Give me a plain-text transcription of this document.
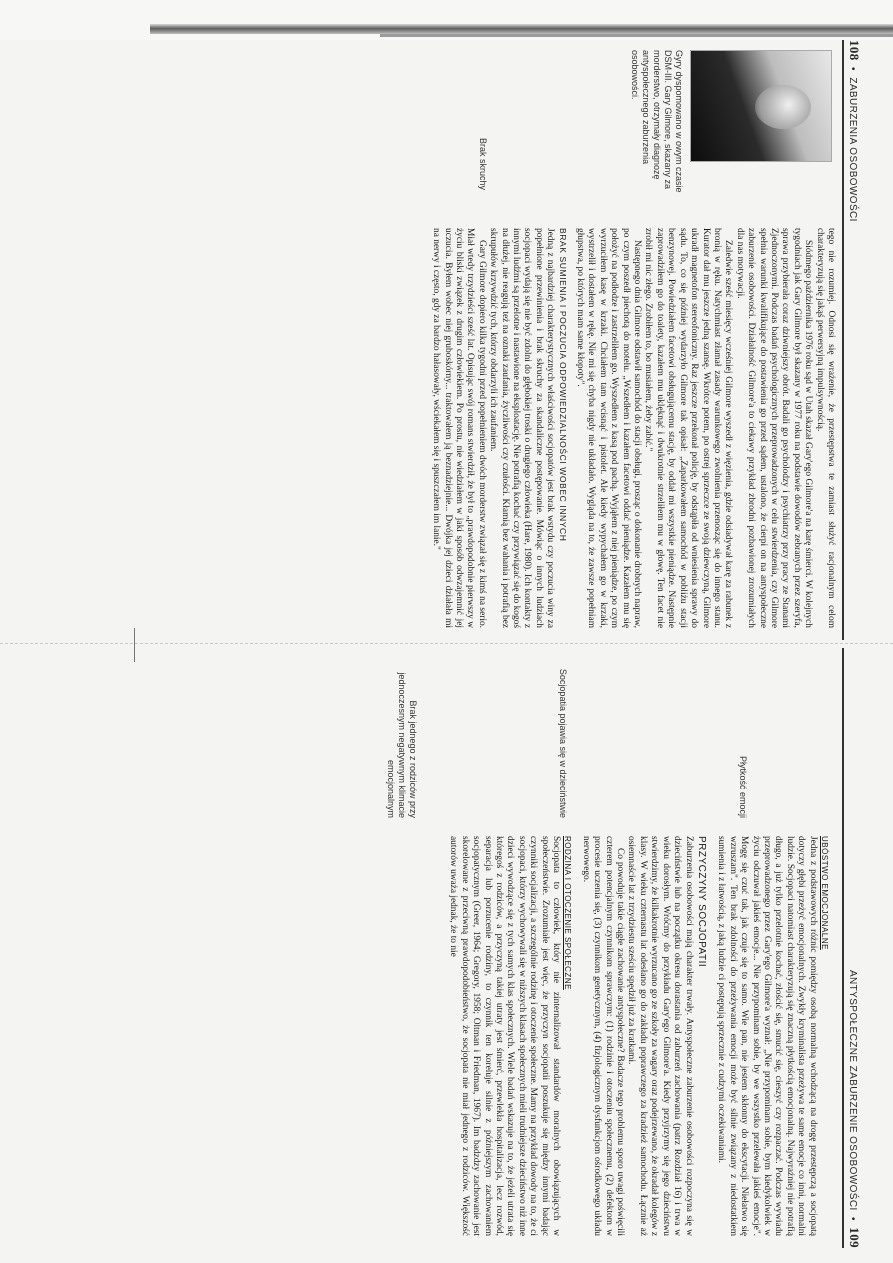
108  •  ZABURZENIA OSOBOWOŚCI
Gyry dyspomowano w owym czasie DSM-III. Gary Gilmore, skazany za morderstwo, otrzymały diagnozę antyspołecznego zaburzenia osobowości.
Brak skruchy

tego nie rozumiej. Odnosi się wrażenie, że przestępstwa te zamiast służyć racjonalnym celom charakteryzują się jakąś perwersyjną impulsywnością.

Siódmego października 1976 roku sąd w Utah skazał Gary'ego Gilmore'a na karę śmierci. W kolejnych tygodniach jak Gary Gilmore był skazany w 1977 roku na podstawie dowodów zebranych przez szeryfa, sprawa przybierała coraz dziwniejszy obrót. Badali go psycholodzy i psychiatrzy przy pracy ze Stanami Zjednoczonymi. Podczas badań psychologicznych przeprowadzonych w celu stwierdzenia, czy Gilmore spełnia warunki kwalifikujące do postawienia go przed sądem, ustalono, że cierpi on na antyspołeczne zaburzenie osobowości. Działalność Gilmore'a to ciekawy przykład zbrodni pozbawionej zrozumiałych dla nas motywacji.

Zaledwie sześć miesięcy wcześniej Gilmore wyszedł z więzienia, gdzie odsiadywał karę za rabunek z bronią w ręku. Natychmiast złamał zasady warunkowego zwolnienia przenosząc się do innego stanu. Kurator dał mu jeszcze jedną szansę. Wkrótce potem, po ostrej sprzeczce ze swoją dziewczyną, Gilmore ukradł magnetofon stereofoniczny. Raz jeszcze przekonał policję, by odstąpiła od wniesienia sprawy do sądu. To, co się później wydarzyło Gilmore tak opisał: „Zaparkowałem samochód w pobliżu stacji benzynowej. Powiedziałem facetowi obsługującemu stację, by oddał mi wszystkie pieniądze. Następnie zaprowadziłem go do toalety, kazałem mu uklęknąć i dwukrotnie strzeliłem mu w głowę. Ten facet nie zrobił mi nic złego. Zrobiłem to, bo musiałem, żeby zabić."

Następnego dnia Gilmore odstawił samochód do stacji obsługi, prosząc o dokonanie drobnych napraw, po czym poszedł piechotą do motelu. „Wszedłem i kazałem facetowi oddać pieniądze. Kazałem mu się położyć na podłodze i zastrzeliłem go. Wyszedłem z kasą pod pachą. Wyjąłem z niej pieniądze, po czym wyrzuciłem kasę w krzaki. Chciałem tam wcisnąć i pistolet. Ale kiedy wypychałem go w krzaki, wystrzelił i dostałem w rękę. Nie mi się chyba nigdy nie układało. Wygląda na to, że zawsze popełniam głupstwa, po których mam same kłopoty".

BRAK SUMIENIA I POCZUCIA ODPOWIEDZIALNOŚCI WOBEC INNYCH

Jedną z najbardziej charakterystycznych właściwości socjopatów jest brak wstydu czy poczucia winy za popełnione przewinienia i brak skruchy za skandaliczne postępowanie. Mówiąc o innych ludziach socjopaci wydają się nie być zdolni do głębokiej troski o drugiego człowieka (Hare, 1980). Ich kontakty z innymi ludźmi są przelotne i nastawione na eksploatację. Nie potrafią kochać czy przywiązać się do kogoś na dłużej, nie reagują też na oznaki zaufania, życzliwości czy czułości. Kłamią bez wahania i potrafią bez skrupułów krzywdzić tych, którzy obdarzyli ich zaufaniem.

Gary Gilmore dopiero kilka tygodni przed popełnieniem dwóch morderstw związał się z kimś na serio. Miał wtedy trzydzieści sześć lat. Opisując swój romans stwierdził, że był to „prawdopodobnie pierwszy w życiu bliski związek z drugim człowiekiem. Po prostu, nie wiedziałem w jaki sposób odwzajemnić jej uczucia. Byłem wobec niej gruboskórny... traktowałem ją beznadziejnie... Dwójka jej dzieci działała mi na nerwy i często, gdy za bardzo hałasowały, wściekałem się i spuszczałem im lanie."

ANTYSPOŁECZNE ZABURZENIE OSOBOWOŚCI  •  109
Płytkość emocji
Socjopatia pojawia się w dzieciństwie
Brak jednego z rodziców przy jednoczesnym negatywnym klimacie emocjonalnym
UBÓSTWO EMOCJONALNE

Jedna z podstawowych różnic pomiędzy osobą normalną wchodzącą na drogę przestępczą a socjopatą dotyczy głębi przeżyć emocjonalnych. Zwykły kryminalista przeżywa te same emocje co inni, normalni ludzie. Socjopaci natomiast charakteryzują się znaczną płytkością emocjonalną. Najwyraźniej nie potrafią długo, a już tylko przelotnie kochać, złościć się, smucić się, cieszyć czy rozpaczać. Podczas wywiadu przeprowadzonego przez Gary'ego Gilmore'a wyznał: „Nie przypominam sobie, bym kiedykolwiek w życiu odczuwał jakieś emocje... Nie przypominam sobie, by we wszystko przelewała jakieś emocje". Mogę się czuć tak, jak czuje się to samo. Wie pan, nie jestem skłonny do ekscytacji. Niełatwo się wzruszam". Ten brak zdolności do przeżywania emocji może być silnie związany z niedostatkiem sumienia i z łatwością, z jaką ludzie ci postępują sprzecznie z cudzymi oczekiwaniami.

PRZYCZYNY SOCJOPATII

Zaburzenia osobowości mają charakter trwały. Antyspołeczne zaburzenie osobowości rozpoczyna się w dzieciństwie lub na początku okresu dorastania od zaburzeń zachowania (patrz Rozdział 16) i trwa w wieku dorosłym. Wróćmy do przykładu Gary'ego Gilmore'a. Kiedy przyjrzymy się jego dzieciństwu stwierdzimy, że kilkakrotnie wyrzucano go ze szkoły za wagary oraz podejrzewano, że okradał kolegów z klasy. W wieku czternastu lat odesłano go do zakładu poprawczego za kradzież samochodu. Łącznie aż osiemnaście lat z trzydziestu sześciu spędził już za kratkami.

Co powoduje takie ciągłe zachowanie antyspołeczne? Badacze tego problemu sporo uwagi poświęcili czterem potencjalnym czynnikom sprawczym: (1) rodzinie i otoczeniu społecznemu, (2) defektom w procesie uczenia się, (3) czynnikom genetycznym, (4) fizjologicznym dysfunkcjom ośrodkowego układu nerwowego.

RODZINA I OTOCZENIE SPOŁECZNE

Socjopata to człowiek, który nie zinternalizował standardów moralnych obowiązujących w społeczeństwie. Zrozumiałe jest więc, że przyczyn socjopatii poszukuje się między innymi badając czynniki socjalizacji, a szczególnie rodzinę i otoczenie społeczne. Mamy na przykład dowody na to, że ci socjopaci, którzy wychowywali się w niższych klasach społecznych mieli trudniejsze dzieciństwo niż inne dzieci wywodzące się z tych samych klas społecznych. Wiele badań wskazuje na to, że jeżeli utrata się któregoś z rodziców, a przyczyną takiej utraty jest śmierć, przewlekła hospitalizacja, lecz rozwód, separacja lub porzucenie rodziny, to czynnik ten koreluje silnie z późniejszym zachowaniem socjopatycznym (Greer, 1964; Gregory, 1958; Oltman i Friedman, 1967). Im badzdzy zachowanie jest skorelowane z przeciwną prawdopodobieństwo, że socjopata nie miał jednego z rodziców. Większość autorów uważa jednak, że to nie
